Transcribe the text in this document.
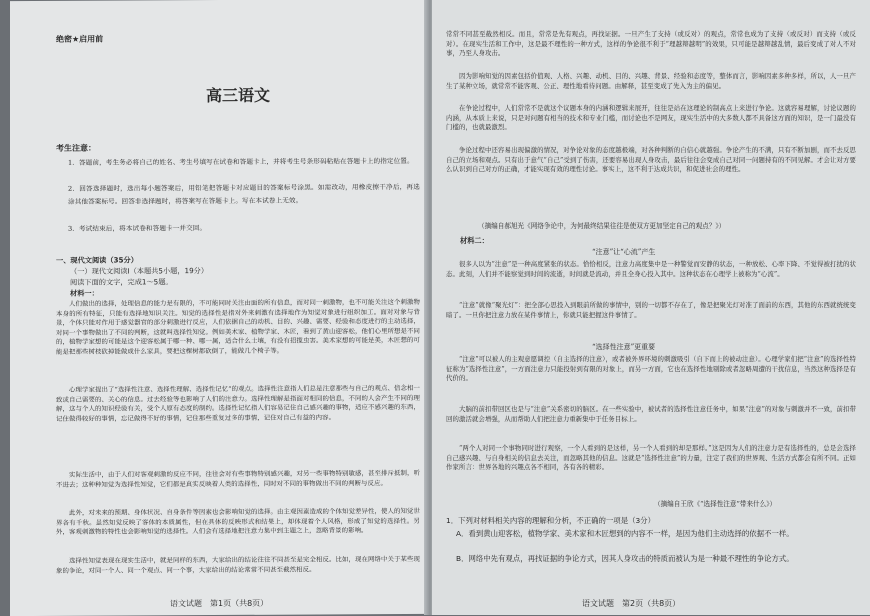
绝密★启用前
高三语文
考生注意：
1．答题前，考生务必将自己的姓名、考生号填写在试卷和答题卡上，并将考生号条形码粘贴在答题卡上的指定位置。
2．回答选择题时，选出每小题答案后，用铅笔把答题卡对应题目的答案标号涂黑。如需改动，用橡皮擦干净后，再选涂其他答案标号。回答非选择题时，将答案写在答题卡上。写在本试卷上无效。
3．考试结束后，将本试卷和答题卡一并交回。
一、现代文阅读（35分）
（一）现代文阅读Ⅰ（本题共5小题，19分）
阅读下面的文字，完成1～5题。
材料一：
人们做出的选择，处理信息的能力是有限的，不可能同时关注由面的所有信息，而对同一刺激物，也不可能关注这个刺激物本身的所有特征，只能有选择地知识关注。知觉的选择性是指对外来刺激有选择地作为知觉对象进行组织加工。面对对象与背景，个体只能对作用于感觉器官的部分刺激进行反应，人们依据自己的动机、目的、兴趣、需要、经验和态度进行的主动选择，对同一个事物做出了不同的判断，这就叫选择性知觉。例如美术家、植物学家、木匠，看到了黄山迎客松，他们心里所想是不同的，植物学家想的可能是这个迎客松属于哪一种、哪一属，适合什么土壤，有没有招揽虫害。美术家想的可能是美，木匠想的可能是把那些树枝砍掉能做成什么家具，要把这棵树都砍倒了，能做几个椅子等。
心理学家提出了“选择性注意、选择性理解、选择性记忆”的观点。选择性注意指人们总是注意那些与自己的观点、信念相一致或自己需要的、关心的信息。过去经验等也影响了人们的注意力。选择性理解是指面对相同的信息，不同的人会产生不同的理解，这与个人的知识经验有关，受个人原有态度的制约。选择性记忆指人们容易记住自己感兴趣的事物，适应不感兴趣的东西，记住做得较好的事情，忘记做得不好的事情，记住那些重复过多的事情，记住对自己有益的内容。
实际生活中，由于人们对客观刺激的反应不同，往往会对有些事物特别感兴趣，对另一些事物特别敏感，甚至排斥抵制，听不进去；这种种知觉为选择性知觉，它们都是真实反映着人类的选择性，同时对不同的事物做出不同的判断与反应。
此外，对未来的预期、身体状况、自身条件等因素也会影响知觉的选择。由主观因素造成的个体知觉差异性，使人的知觉世界各有千秋。虽然知觉反映了客体的本质属性，但在具体的反映形式和结果上，却体现着个人风格，形成了知觉的选择性。另外，客观刺激物的特性也会影响知觉的选择性。人们会有选择地把注意力集中到主题之上，忽略背景的影响。
选择性知觉表现在现实生活中，就是同样的东西，大家给出的结论往往不同甚至是完全相反。比如，现在网络中关于某些现象的争论，对同一个人、同一个观点、同一个事，大家给出的结论常常不同甚至截然相反。
语文试题　第1页（共8页）
常常不同甚至截然相反。而且，常常是先有观点，再找证据。一旦产生了支持（或反对）的观点，常常也成为了支持（或反对）而支持（或反对）。在现实生活和工作中，这是最不理性的一种方式，这样的争论很不利于“理越辩越明”的效果，只可能是越辩越乱情，最后变成了对人不对事，乃至人身攻击。
因为影响知觉的因素包括价值观、人格、兴趣、动机、目的、兴趣、背景、经验和态度等，整体而言，影响因素多种多样，所以，人一旦产生了某种立场，就常常不能客观、公正、理性地看待问题。由解释，甚至变成了先入为主的偏见。
在争论过程中，人们常常不是就这个议题本身的内涵和逻辑来展开，往往是站在这理论的制高点上来进行争论。这就容易理解，讨论议题的内涵，从本质上来说，只是对问题有相当的技术和专业门槛，而讨论也不是网友，现实生活中的大多数人都不具备这方面的知识，是一门最没有门槛的，也就最激烈。
争论过程中还容易出现偏激的情况，对争论对象的态度越极端，对各种判断的自信心就越强。争论产生的不满，只有不断加剧，而不去反思自己的立场和观点。只有出于意气“自己”受到了伤害，还要容易出现人身攻击，最后往往会变成自己对同一问题持有的不同见解。才会让对方要么认识到自己对方的正确，才能实现有效的理性讨论。事实上，这不利于达成共识，和促进社会的理性。
（摘编自郝旭光《网络争论中，为何最终结果往往是使双方更加坚定自己的观点？》）
材料二：
“注意”让“心流”产生
很多人以为“注意”是一种高度紧张的状态。恰恰相反，注意力高度集中是一种警觉而安静的状态，一种放松、心率下降、不觉得被打扰的状态。此刻，人们并不能察觉到时间的流逝，时间就是流动，并且全身心投入其中。这种状态在心理学上被称为“心流”。
“注意”就像“聚光灯”：把全部心思投入到眼前所做的事情中，别的一切都不存在了，像是把聚光灯对准了面前的东西，其他的东西就统统变暗了。一旦你把注意力放在某件事情上，你就只能把握这件事情了。
“选择性注意”更重要
“注意”可以被人的主观意愿调控（自主选择的注意），或者被外界环境的刺激吸引（自下而上的被动注意）。心理学家们把“注意”的选择性特征称为“选择性注意”，一方面注意力只能投射到有限的对象上，而另一方面，它也在选择性地剔除或者忽略周遭的干扰信息，当然这种选择是有代价的。
大脑的前扣带回区也是与“注意”关系密切的脑区。在一些实验中，被试者的选择性注意任务中，如果“注意”的对象与刺激并不一致，前扣带回的激活就会增强，从而帮助人们把注意力重新集中于任务目标上。
“两个人对同一个事物同时进行观察，一个人看到的是这样，另一个人看到的却是那样。”这是因为人们的注意力是有选择性的，总是会选择自己感兴趣、与自身相关的信息去关注，而忽略其他的信息。这就是“选择性注意”的力量，注定了我们的世界观、生活方式都会有所不同。正如作家所言：世界各地的兴趣点各不相同，各有各的精彩。
（摘编自王欣《“选择性注意”带来什么》）
1．下列对材料相关内容的理解和分析，不正确的一项是（3分）
A．看到黄山迎客松，植物学家、美术家和木匠想到的内容不一样，是因为他们主动选择的依据不一样。
B．网络中先有观点，再找证据的争论方式，因其人身攻击的特质而被认为是一种最不理性的争论方式。
语文试题　第2页（共8页）
